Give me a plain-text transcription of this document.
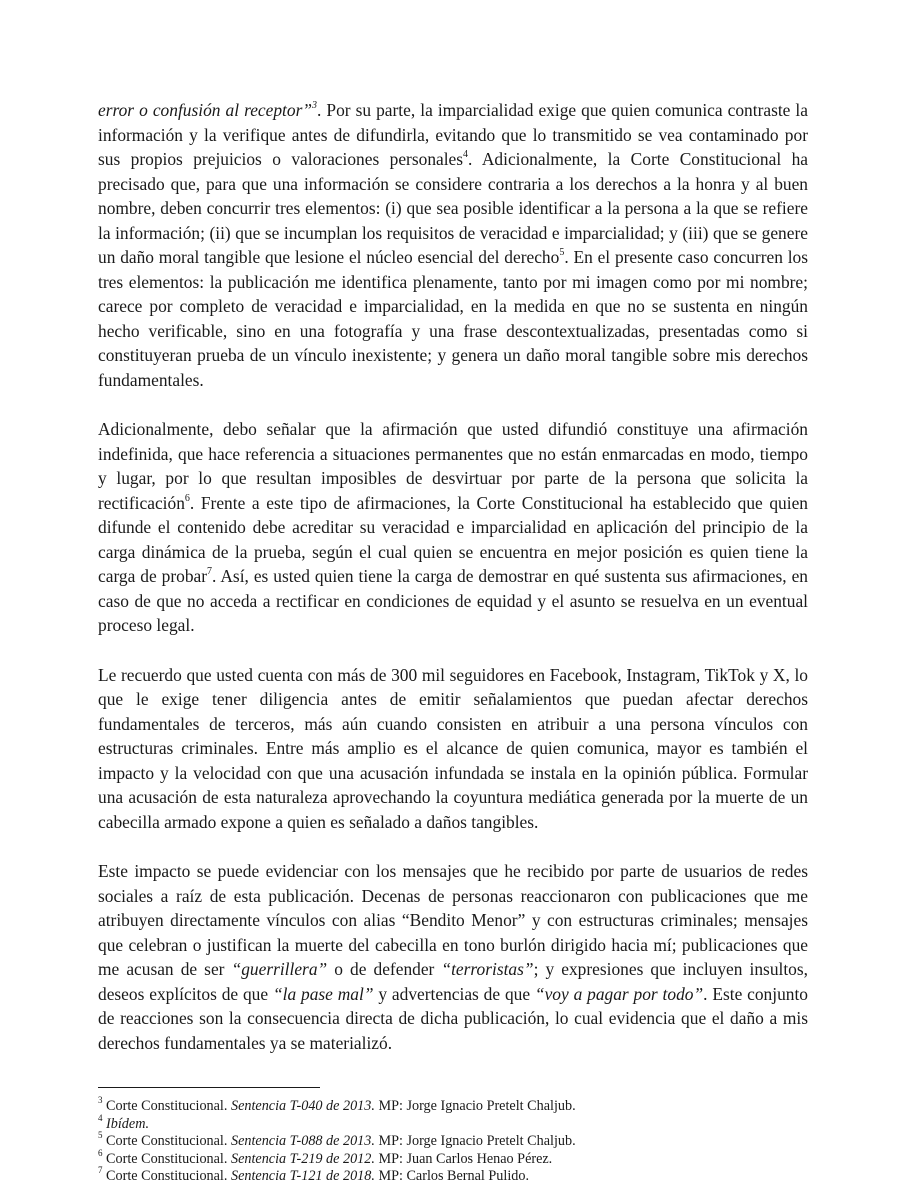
error o confusión al receptor”$^3$. Por su parte, la imparcialidad exige que quien comunica contraste la información y la verifique antes de difundirla, evitando que lo transmitido se vea contaminado por sus propios prejuicios o valoraciones personales$^4$. Adicionalmente, la Corte Constitucional ha precisado que, para que una información se considere contraria a los derechos a la honra y al buen nombre, deben concurrir tres elementos: (i) que sea posible identificar a la persona a la que se refiere la información; (ii) que se incumplan los requisitos de veracidad e imparcialidad; y (iii) que se genere un daño moral tangible que lesione el núcleo esencial del derecho$^5$. En el presente caso concurren los tres elementos: la publicación me identifica plenamente, tanto por mi imagen como por mi nombre; carece por completo de veracidad e imparcialidad, en la medida en que no se sustenta en ningún hecho verificable, sino en una fotografía y una frase descontextualizadas, presentadas como si constituyeran prueba de un vínculo inexistente; y genera un daño moral tangible sobre mis derechos fundamentales.

Adicionalmente, debo señalar que la afirmación que usted difundió constituye una afirmación indefinida, que hace referencia a situaciones permanentes que no están enmarcadas en modo, tiempo y lugar, por lo que resultan imposibles de desvirtuar por parte de la persona que solicita la rectificación$^6$. Frente a este tipo de afirmaciones, la Corte Constitucional ha establecido que quien difunde el contenido debe acreditar su veracidad e imparcialidad en aplicación del principio de la carga dinámica de la prueba, según el cual quien se encuentra en mejor posición es quien tiene la carga de probar$^7$. Así, es usted quien tiene la carga de demostrar en qué sustenta sus afirmaciones, en caso de que no acceda a rectificar en condiciones de equidad y el asunto se resuelva en un eventual proceso legal.

Le recuerdo que usted cuenta con más de 300 mil seguidores en Facebook, Instagram, TikTok y X, lo que le exige tener diligencia antes de emitir señalamientos que puedan afectar derechos fundamentales de terceros, más aún cuando consisten en atribuir a una persona vínculos con estructuras criminales. Entre más amplio es el alcance de quien comunica, mayor es también el impacto y la velocidad con que una acusación infundada se instala en la opinión pública. Formular una acusación de esta naturaleza aprovechando la coyuntura mediática generada por la muerte de un cabecilla armado expone a quien es señalado a daños tangibles.

Este impacto se puede evidenciar con los mensajes que he recibido por parte de usuarios de redes sociales a raíz de esta publicación. Decenas de personas reaccionaron con publicaciones que me atribuyen directamente vínculos con alias “Bendito Menor” y con estructuras criminales; mensajes que celebran o justifican la muerte del cabecilla en tono burlón dirigido hacia mí; publicaciones que me acusan de ser “guerrillera” o de defender “terroristas”; y expresiones que incluyen insultos, deseos explícitos de que “la pase mal” y advertencias de que “voy a pagar por todo”. Este conjunto de reacciones son la consecuencia directa de dicha publicación, lo cual evidencia que el daño a mis derechos fundamentales ya se materializó.

$^3$ Corte Constitucional. Sentencia T-040 de 2013. MP: Jorge Ignacio Pretelt Chaljub.

$^4$ Ibídem.

$^5$ Corte Constitucional. Sentencia T-088 de 2013. MP: Jorge Ignacio Pretelt Chaljub.

$^6$ Corte Constitucional. Sentencia T-219 de 2012. MP: Juan Carlos Henao Pérez.

$^7$ Corte Constitucional. Sentencia T-121 de 2018. MP: Carlos Bernal Pulido.
